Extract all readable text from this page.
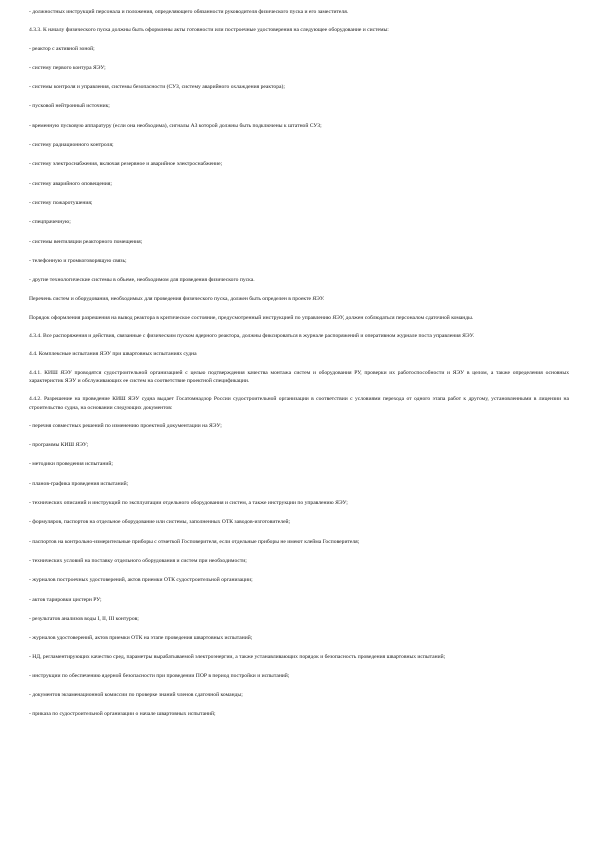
- должностных инструкций персонала и положения, определяющего обязанности руководителя физического пуска и его заместителя.

4.3.3. К началу физического пуска должны быть оформлены акты готовности или построечные удостоверения на следующее оборудование и системы:

- реактор с активной зоной;

- систему первого контура ЯЭУ;

- системы контроля и управления, системы безопасности (СУЗ, систему аварийного охлаждения реактора);

- пусковой нейтронный источник;

- временную пусковую аппаратуру (если она необходима), сигналы АЗ которой должны быть подключены к штатной СУЗ;

- систему радиационного контроля;

- систему электроснабжения, включая резервное и аварийное электроснабжение;

- систему аварийного оповещения;

- систему пожаротушения;

- спецпрачечную;

- системы вентиляции реакторного помещения;

- телефонную и громкоговорящую связь;

- другие технологические системы в объеме, необходимом для проведения физического пуска.

Перечень систем и оборудования, необходимых для проведения физического пуска, должен быть определен в проекте ЯЭУ.

Порядок оформления разрешения на вывод реактора в критическое состояние, предусмотренный инструкцией по управлению ЯЭУ, должен соблюдаться персоналом сдаточной команды.

4.3.4. Все распоряжения и действия, связанные с физическим пуском ядерного реактора, должны фиксироваться в журнале распоряжений и оперативном журнале поста управления ЯЭУ.

4.4. Комплексные испытания ЯЭУ при швартовных испытаниях судна

4.4.1. КИШ ЯЭУ проводятся судостроительной организацией с целью подтверждения качества монтажа систем и оборудования РУ, проверки их работоспособности и ЯЭУ в целом, а также определения основных характеристик ЯЭУ и обслуживающих ее систем на соответствие проектной спецификации.

4.4.2. Разрешение на проведение КИШ ЯЭУ судна выдает Госатомнадзор России судостроительной организации в соответствии с условиями перехода от одного этапа работ к другому, установленными в лицензии на строительство судна, на основании следующих документов:

- перечня совместных решений по изменению проектной документации на ЯЭУ;

- программы КИШ ЯЭУ;

- методики проведения испытаний;

- планов-графика проведения испытаний;

- технических описаний и инструкций по эксплуатации отдельного оборудования и систем, а также инструкции по управлению ЯЭУ;

- формуляров, паспортов на отдельное оборудование или системы, заполненных ОТК заводов-изготовителей;

- паспортов на контрольно-измерительные приборы с отметкой Госповерителя, если отдельные приборы не имеют клейма Госповерителя;

- технических условий на поставку отдельного оборудования и систем при необходимости;

- журналов построечных удостоверений, актов приемки ОТК судостроительной организации;

- актов тарировки цистерн РУ;

- результатов анализов воды I, II, III контуров;

- журналов удостоверений, актов приемки ОТК на этапе проведения швартовных испытаний;

- НД, регламентирующих качество сред, параметры вырабатываемой электроэнергии, а также устанавливающих порядок и безопасность проведения швартовных испытаний;

- инструкции по обеспечению ядерной безопасности при проведении ПОР в период постройки и испытаний;

- документов экзаменационной комиссии по проверке знаний членов сдаточной команды;

- приказа по судостроительной организации о начале швартовных испытаний;
